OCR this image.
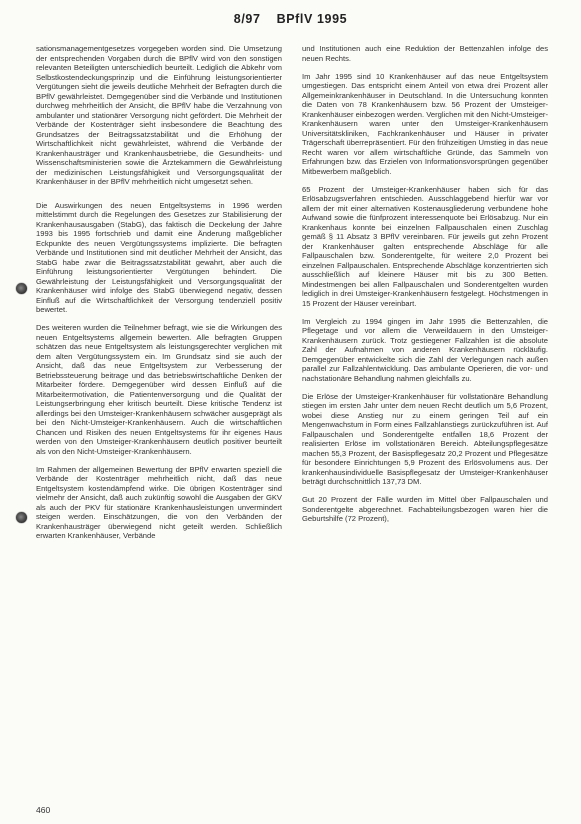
8/97 BPflV 1995

sationsmanagementgesetzes vorgegeben worden sind. Die Umsetzung der entsprechenden Vorgaben durch die BPflV wird von den sonstigen relevanten Beteiligten unterschiedlich beurteilt. Lediglich die Abkehr vom Selbstkostendeckungsprinzip und die Einführung leistungsorientierter Vergütungen sieht die jeweils deutliche Mehrheit der Befragten durch die BPflV gewährleistet. Demgegenüber sind die Verbände und Institutionen durchweg mehrheitlich der Ansicht, die BPflV habe die Verzahnung von ambulanter und stationärer Versorgung nicht gefördert. Die Mehrheit der Verbände der Kostenträger sieht insbesondere die Beachtung des Grundsatzes der Beitragssatzstabilität und die Erhöhung der Wirtschaftlichkeit nicht gewährleistet, während die Verbände der Krankenhausträger und Krankenhausbetriebe, die Gesundheits- und Wissenschaftsministerien sowie die Ärztekammern die Gewährleistung der medizinischen Leistungsfähigkeit und Versorgungsqualität der Krankenhäuser in der BPflV mehrheitlich nicht umgesetzt sehen.

Die Auswirkungen des neuen Entgeltsystems in 1996 werden mittelstimmt durch die Regelungen des Gesetzes zur Stabilisierung der Krankenhausausgaben (StabG), das faktisch die Deckelung der Jahre 1993 bis 1995 fortschrieb und damit eine Änderung maßgeblicher Eckpunkte des neuen Vergütungssystems implizierte. Die befragten Verbände und Institutionen sind mit deutlicher Mehrheit der Ansicht, das StabG habe zwar die Beitragssatzstabilität gewahrt, aber auch die Einführung leistungsorientierter Vergütungen behindert. Die Gewährleistung der Leistungsfähigkeit und Versorgungsqualität der Krankenhäuser wird infolge des StabG überwiegend negativ, dessen Einfluß auf die Wirtschaftlichkeit der Versorgung tendenziell positiv bewertet.

Des weiteren wurden die Teilnehmer befragt, wie sie die Wirkungen des neuen Entgeltsystems allgemein bewerten. Alle befragten Gruppen schätzen das neue Entgeltsystem als leistungsgerechter verglichen mit dem alten Vergütungssystem ein. Im Grundsatz sind sie auch der Ansicht, daß das neue Entgeltsystem zur Verbesserung der Betriebssteuerung beitrage und das betriebswirtschaftliche Denken der Mitarbeiter fördere. Demgegenüber wird dessen Einfluß auf die Mitarbeitermotivation, die Patientenversorgung und die Qualität der Leistungserbringung eher kritisch beurteilt. Diese kritische Tendenz ist allerdings bei den Umsteiger-Krankenhäusern schwächer ausgeprägt als bei den Nicht-Umsteiger-Krankenhäusern. Auch die wirtschaftlichen Chancen und Risiken des neuen Entgeltsystems für ihr eigenes Haus werden von den Umsteiger-Krankenhäusern deutlich positiver beurteilt als von den Nicht-Umsteiger-Krankenhäusern.

Im Rahmen der allgemeinen Bewertung der BPflV erwarten speziell die Verbände der Kostenträger mehrheitlich nicht, daß das neue Entgeltsystem kostendämpfend wirke. Die übrigen Kostenträger sind vielmehr der Ansicht, daß auch zukünftig sowohl die Ausgaben der GKV als auch der PKV für stationäre Krankenhausleistungen unvermindert steigen werden. Einschätzungen, die von den Verbänden der Krankenhausträger überwiegend nicht geteilt werden. Schließlich erwarten Krankenhäuser, Verbände

und Institutionen auch eine Reduktion der Bettenzahlen infolge des neuen Rechts.

Im Jahr 1995 sind 10 Krankenhäuser auf das neue Entgeltsystem umgestiegen. Das entspricht einem Anteil von etwa drei Prozent aller Allgemeinkrankenhäuser in Deutschland. In die Untersuchung konnten die Daten von 78 Krankenhäusern bzw. 56 Prozent der Umsteiger-Krankenhäuser einbezogen werden. Verglichen mit den Nicht-Umsteiger-Krankenhäusern waren unter den Umsteiger-Krankenhäusern Universitätskliniken, Fachkrankenhäuser und Häuser in privater Trägerschaft überrepräsentiert. Für den frühzeitigen Umstieg in das neue Recht waren vor allem wirtschaftliche Gründe, das Sammeln von Erfahrungen bzw. das Erzielen von Informationsvorsprüngen gegenüber Mitbewerbern maßgeblich.

65 Prozent der Umsteiger-Krankenhäuser haben sich für das Erlösabzugsverfahren entschieden. Ausschlaggebend hierfür war vor allem der mit einer alternativen Kostenausgliederung verbundene hohe Aufwand sowie die fünfprozent interessenquote bei Erlösabzug. Nur ein Krankenhaus konnte bei einzelnen Fallpauschalen einen Zuschlag gemäß § 11 Absatz 3 BPflV vereinbaren. Für jeweils gut zehn Prozent der Krankenhäuser galten entsprechende Abschläge für alle Fallpauschalen bzw. Sonderentgelte, für weitere 2,0 Prozent bei einzelnen Fallpauschalen. Entsprechende Abschläge konzentrierten sich ausschließlich auf kleinere Häuser mit bis zu 300 Betten. Mindestmengen bei allen Fallpauschalen und Sonderentgelten wurden lediglich in drei Umsteiger-Krankenhäusern festgelegt. Höchstmengen in 15 Prozent der Häuser vereinbart.

Im Vergleich zu 1994 gingen im Jahr 1995 die Bettenzahlen, die Pflegetage und vor allem die Verweildauern in den Umsteiger-Krankenhäusern zurück. Trotz gestiegener Fallzahlen ist die absolute Zahl der Aufnahmen von anderen Krankenhäusern rückläufig. Demgegenüber entwickelte sich die Zahl der Verlegungen nach außen parallel zur Fallzahlentwicklung. Das ambulante Operieren, die vor- und nachstationäre Behandlung nahmen gleichfalls zu.

Die Erlöse der Umsteiger-Krankenhäuser für vollstationäre Behandlung stiegen im ersten Jahr unter dem neuen Recht deutlich um 5,6 Prozent, wobei diese Anstieg nur zu einem geringen Teil auf ein Mengenwachstum in Form eines Fallzahlanstiegs zurückzuführen ist. Auf Fallpauschalen und Sonderentgelte entfallen 18,6 Prozent der realisierten Erlöse im vollstationären Bereich. Abteilungspflegesätze machen 55,3 Prozent, der Basispflegesatz 20,2 Prozent und Pflegesätze für besondere Einrichtungen 5,9 Prozent des Erlösvolumens aus. Der krankenhausindividuelle Basispflegesatz der Umsteiger-Krankenhäuser beträgt durchschnittlich 137,73 DM.

Gut 20 Prozent der Fälle wurden im Mittel über Fallpauschalen und Sonderentgelte abgerechnet. Fachabteilungsbezogen waren hier die Geburtshilfe (72 Prozent),

460
